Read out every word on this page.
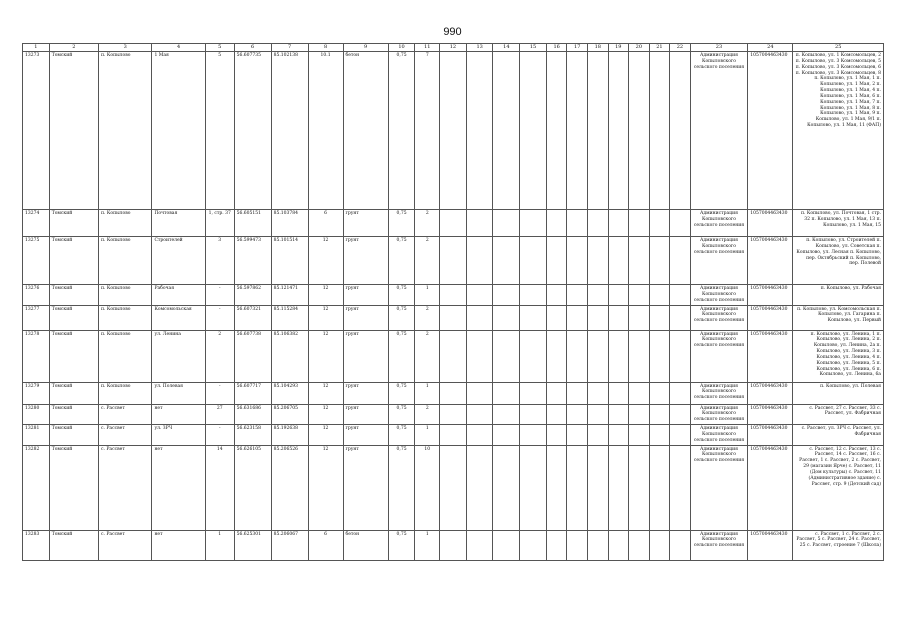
990
1	2	3	4	5	6	7	8	9	10	11	12	13	14	15	16	17	18	19	20	21	22	23	24	25
13273	Томский	п. Копыловo	1 Мая	5	56.607735	85.102138	10.1	бетон	0,75	7												Администрация Копыловского сельского поселения	1057004463430	п. Копылово, ул. 1 Комсомольцев, 2 п. Копылово, ул. 3 Комсомольцев, 5 п. Копылово, ул. 3 Комсомольцев, 6 п. Копылово, ул. 3 Комсомольцев, 8 п. Копылово, ул. 1 Мая, 1 п. Копылово, ул. 1 Мая, 2 п. Копылово, ул. 1 Мая, 4 п. Копылово, ул. 1 Мая, 6 п. Копылово, ул. 1 Мая, 7 п. Копылово, ул. 1 Мая, 8 п. Копылово, ул. 1 Мая, 9 п. Копылово, ул. 1 Мая, 9/1 п. Копылово, ул. 1 Мая, 11 (ФАП)
13274	Томский	п. Копылово	Почтовая	1, стр. 37	56.605151	85.103784	6	грунт	0,75	2												Администрация Копыловского сельского поселения	1057004463430	п. Копылово, ул. Почтовая, 1 стр. 32 п. Копылово, ул. 1 Мая, 13 п. Копылово, ул. 1 Мая, 15
13275	Томский	п. Копылово	Строителей	3	56.599473	85.101514	12	грунт	0,75	2												Администрация Копыловского сельского поселения	1057004463430	п. Копылово, ул. Строителей п. Копылово, ул. Советская п. Копылово, ул. Лесная п. Копылово, пер. Октябрьский п. Копылово, пер. Полевой
13276	Томский	п. Копылово	Рабочая	-	56.597862	85.121471	12	грунт	0,75	1												Администрация Копыловского сельского поселения	1057004463430	п. Копылово, ул. Рабочая
13277	Томский	п. Копылово	Комсомольская	-	56.607321	85.115284	12	грунт	0,75	2												Администрация Копыловского сельского поселения	1057004463430	п. Копылово, ул. Комсомольская п. Копылово, ул. Гагарина п. Копылово, ул. Первый
13278	Томский	п. Копылово	ул. Ленина	2	56.607738	85.106382	12	грунт	0,75	2												Администрация Копыловского сельского поселения	1057004463430	п. Копылово, ул. Ленина, 1 п. Копылово, ул. Ленина, 2 п. Копылово, ул. Ленина, 2а п. Копылово, ул. Ленина, 3 п. Копылово, ул. Ленина, 4 п. Копылово, ул. Ленина, 5 п. Копылово, ул. Ленина, 6 п. Копылово, ул. Ленина, 6а
13279	Томский	п. Копылово	ул. Полевая	-	56.607717	85.104293	12	грунт	0,75	1												Администрация Копыловского сельского поселения	1057004463430	п. Копылово, ул. Полевая
13280	Томский	с. Рассвет	нет	27	56.631686	85.206705	12	грунт	0,75	2												Администрация Копыловского сельского поселения	1057004463430	с. Рассвет, 27 с. Рассвет, 33 с. Рассвет, ул. Фабричная
13281	Томский	с. Рассвет	ул. ЗРЧ	-	56.623158	85.192638	12	грунт	0,75	1												Администрация Копыловского сельского поселения	1057004463430	с. Рассвет, ул. ЗРЧ с. Рассвет, ул. Фабричная
13282	Томский	с. Рассвет	нет	14	56.626105	85.206526	12	грунт	0,75	10												Администрация Копыловского сельского поселения	1057004463430	с. Рассвет, 12 с. Рассвет, 13 с. Рассвет, 14 с. Рассвет, 16 с. Рассвет, 1 с. Рассвет, 2 с. Рассвет, 29 (магазин Ярче) с. Рассвет, 11 (Дом культуры) с. Рассвет, 11 (Административное здание) с. Рассвет, стр. 9 (Детский сад)
13283	Томский	с. Рассвет	нет	1	56.625301	85.206067	6	бетон	0,75	1												Администрация Копыловского сельского поселения	1057004463430	с. Рассвет, 1 с. Рассвет, 2 с. Рассвет, 5 с. Рассвет, 24 с. Рассвет, 25 с. Рассвет, строение 7 (Школа)
